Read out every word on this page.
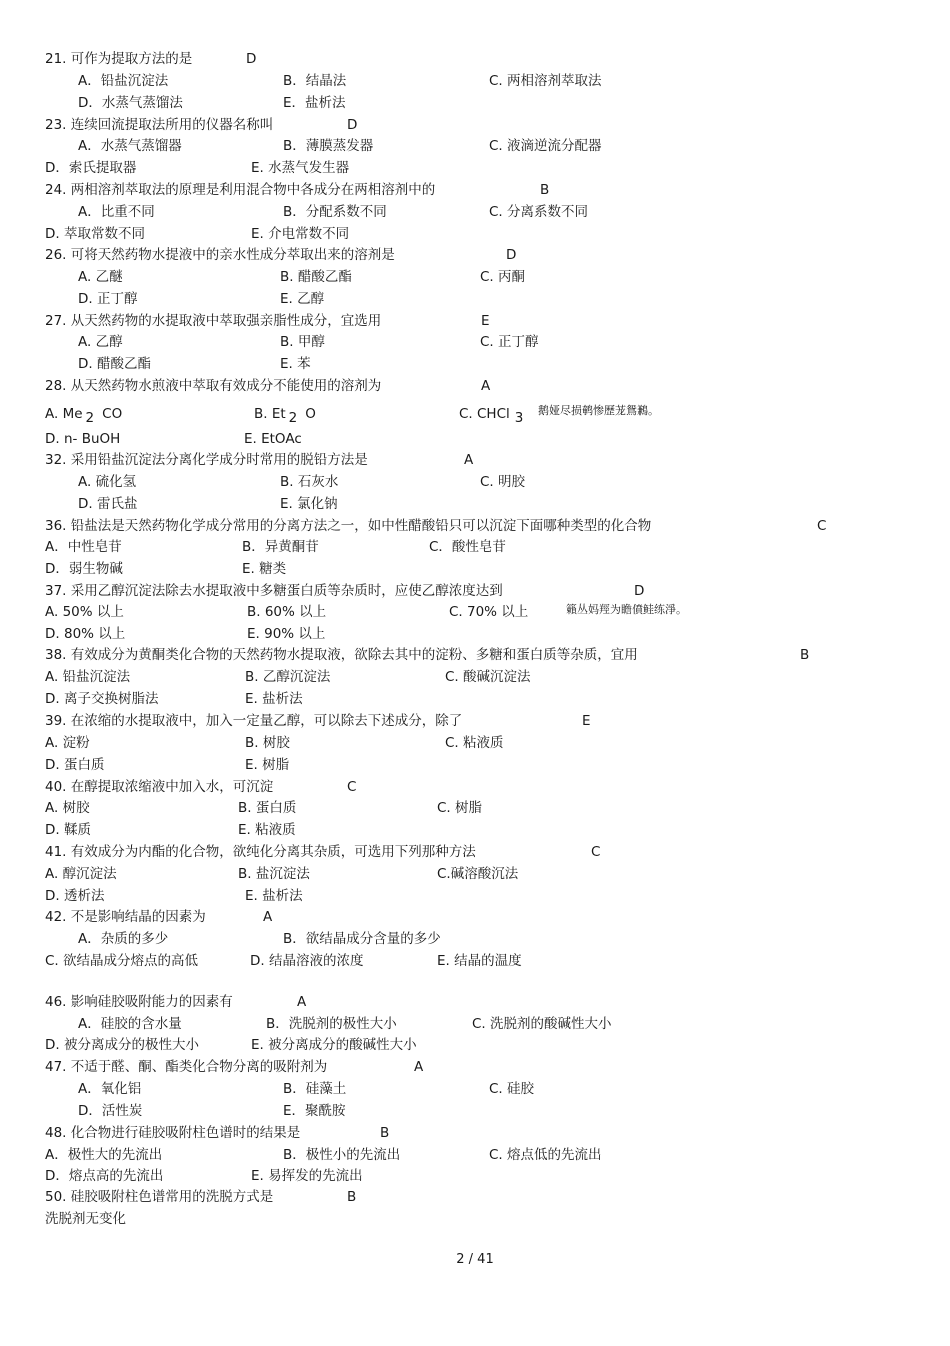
21. 可作为提取方法的是	D
A．铅盐沉淀法	B．结晶法	C. 两相溶剂萃取法
D．水蒸气蒸馏法	E．盐析法
23. 连续回流提取法所用的仪器名称叫	D
A．水蒸气蒸馏器	B．薄膜蒸发器	C. 液滴逆流分配器
D．索氏提取器	E. 水蒸气发生器
24. 两相溶剂萃取法的原理是利用混合物中各成分在两相溶剂中的	B
A．比重不同	B．分配系数不同	C. 分离系数不同
D. 萃取常数不同	E. 介电常数不同
26. 可将天然药物水提液中的亲水性成分萃取出来的溶剂是	D
A. 乙醚	B. 醋酸乙酯	C. 丙酮
D. 正丁醇	E. 乙醇
27. 从天然药物的水提取液中萃取强亲脂性成分，宜选用	E
A. 乙醇	B. 甲醇	C. 正丁醇
D. 醋酸乙酯	E. 苯
28. 从天然药物水煎液中萃取有效成分不能使用的溶剂为	A
A. Me 2 CO	B. Et 2 O	C. CHCl 3 鹅娅尽损鹌惨歷茏鴛鶼。
D. n- BuOH	E. EtOAc
32. 采用铅盐沉淀法分离化学成分时常用的脱铅方法是	A
A. 硫化氢	B. 石灰水	C. 明胶
D. 雷氏盐	E. 氯化钠
36. 铅盐法是天然药物化学成分常用的分离方法之一，如中性醋酸铅只可以沉淀下面哪种类型的化合物	C
A．中性皂苷	B．异黄酮苷	C．酸性皂苷
D．弱生物碱	E. 糖类
37. 采用乙醇沉淀法除去水提取液中多糖蛋白质等杂质时，应使乙醇浓度达到	D
A. 50% 以上	B. 60% 以上	C. 70% 以上	籟丛妈羥为瞻僨鲑练淨。
D. 80% 以上	E. 90% 以上
38. 有效成分为黄酮类化合物的天然药物水提取液，欲除去其中的淀粉、多糖和蛋白质等杂质，宜用	B
A. 铅盐沉淀法	B. 乙醇沉淀法	C. 酸碱沉淀法
D. 离子交换树脂法	E. 盐析法
39. 在浓缩的水提取液中，加入一定量乙醇，可以除去下述成分，除了	E
A. 淀粉	B. 树胶	C. 粘液质
D. 蛋白质	E. 树脂
40. 在醇提取浓缩液中加入水，可沉淀	C
A. 树胶	B. 蛋白质	C. 树脂
D. 鞣质	E. 粘液质
41. 有效成分为内酯的化合物，欲纯化分离其杂质，可选用下列那种方法	C
A. 醇沉淀法	B. 盐沉淀法	C.碱溶酸沉法
D. 透析法	E. 盐析法
42. 不是影响结晶的因素为	A
A．杂质的多少	B．欲结晶成分含量的多少
C. 欲结晶成分熔点的高低	D. 结晶溶液的浓度	E. 结晶的温度
46. 影响硅胶吸附能力的因素有	A
A．硅胶的含水量	B．洗脱剂的极性大小	C. 洗脱剂的酸碱性大小
D. 被分离成分的极性大小	E. 被分离成分的酸碱性大小
47. 不适于醛、酮、酯类化合物分离的吸附剂为	A
A．氧化铝	B．硅藻土	C. 硅胶
D．活性炭	E．聚酰胺
48. 化合物进行硅胶吸附柱色谱时的结果是	B
A．极性大的先流出	B．极性小的先流出	C. 熔点低的先流出
D．熔点高的先流出	E. 易挥发的先流出
50. 硅胶吸附柱色谱常用的洗脱方式是	B
洗脱剂无变化
2 / 41
